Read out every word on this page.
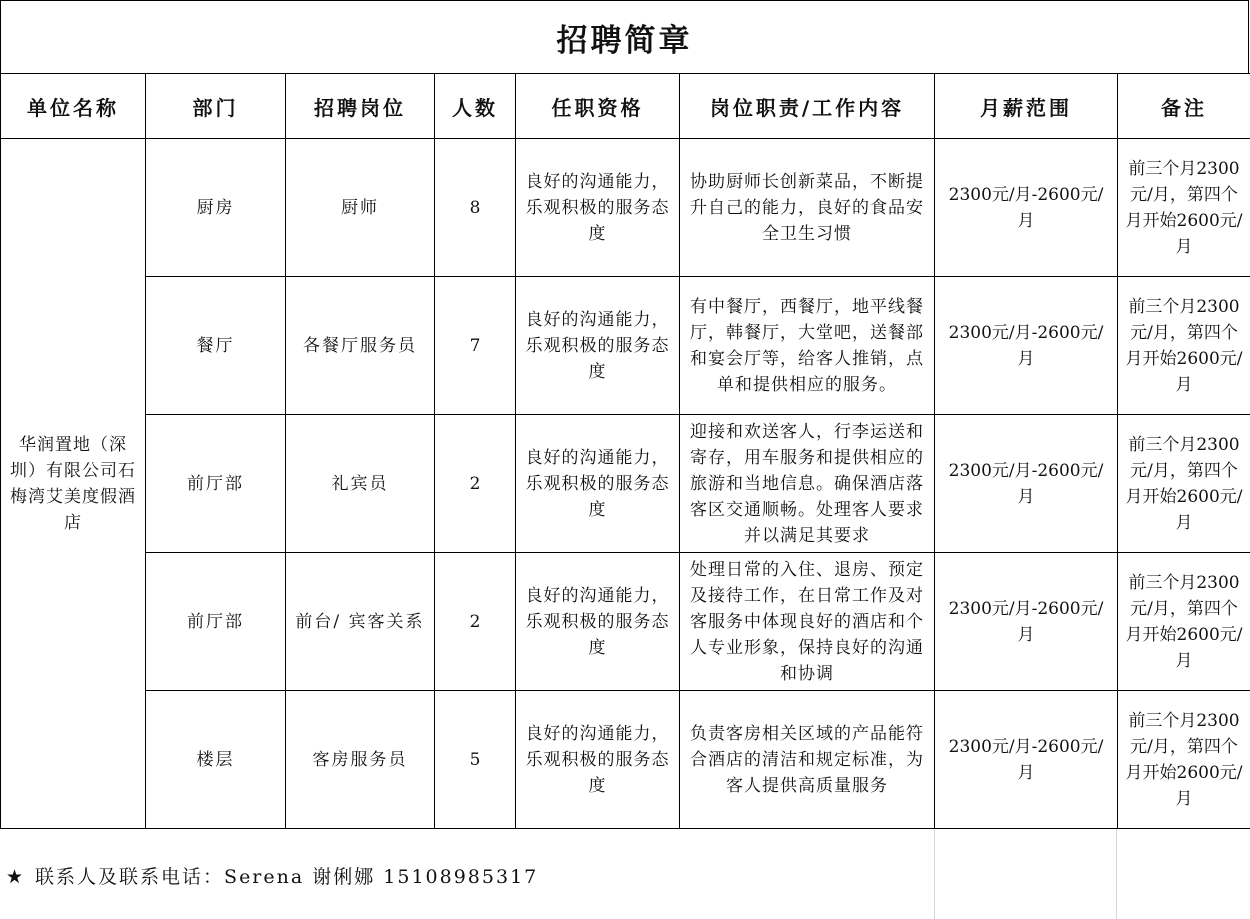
招聘简章
单位名称	部门	招聘岗位	人数	任职资格	岗位职责/工作内容	月薪范围	备注
华润置地（深圳）有限公司石梅湾艾美度假酒店	厨房	厨师	8	良好的沟通能力，乐观积极的服务态度	协助厨师长创新菜品，不断提升自己的能力，良好的食品安全卫生习惯	2300元/月-2600元/月	前三个月2300元/月，第四个月开始2600元/月
	餐厅	各餐厅服务员	7	良好的沟通能力，乐观积极的服务态度	有中餐厅，西餐厅，地平线餐厅，韩餐厅，大堂吧，送餐部和宴会厅等，给客人推销，点单和提供相应的服务。	2300元/月-2600元/月	前三个月2300元/月，第四个月开始2600元/月
	前厅部	礼宾员	2	良好的沟通能力，乐观积极的服务态度	迎接和欢送客人，行李运送和寄存，用车服务和提供相应的旅游和当地信息。确保酒店落客区交通顺畅。处理客人要求并以满足其要求	2300元/月-2600元/月	前三个月2300元/月，第四个月开始2600元/月
	前厅部	前台/ 宾客关系	2	良好的沟通能力，乐观积极的服务态度	处理日常的入住、退房、预定及接待工作，在日常工作及对客服务中体现良好的酒店和个人专业形象，保持良好的沟通和协调	2300元/月-2600元/月	前三个月2300元/月，第四个月开始2600元/月
	楼层	客房服务员	5	良好的沟通能力，乐观积极的服务态度	负责客房相关区域的产品能符合酒店的清洁和规定标准，为客人提供高质量服务	2300元/月-2600元/月	前三个月2300元/月，第四个月开始2600元/月
★ 联系人及联系电话：Serena 谢俐娜 15108985317
